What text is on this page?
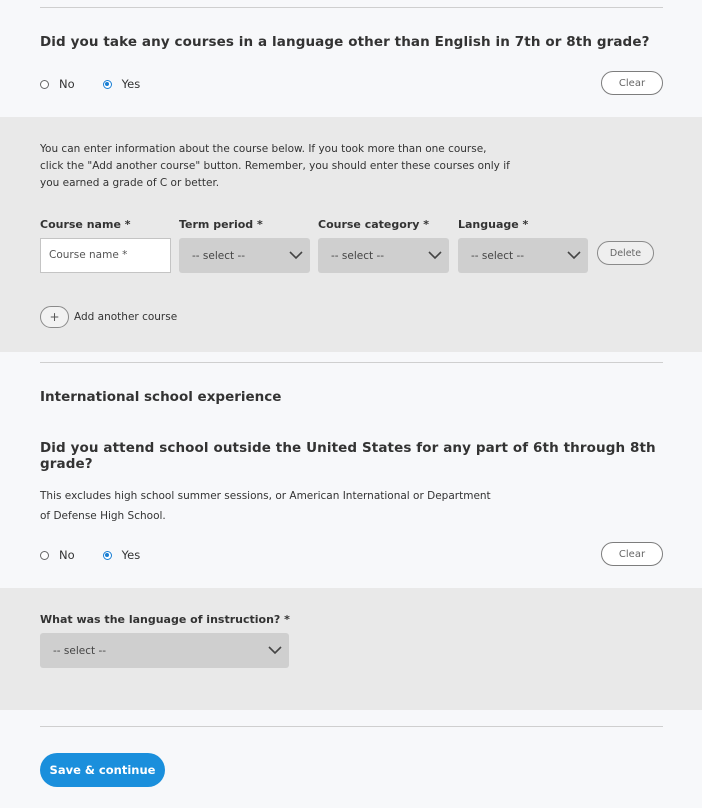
Did you take any courses in a language other than English in 7th or 8th grade?
No	Yes	Clear
You can enter information about the course below. If you took more than one course, click the "Add another course" button. Remember, you should enter these courses only if you earned a grade of C or better.
Course name *	Term period *	Course category *	Language *
Course name *	-- select --	-- select --	-- select --	Delete
+	Add another course
International school experience
Did you attend school outside the United States for any part of 6th through 8th grade?
This excludes high school summer sessions, or American International or Department of Defense High School.
No	Yes	Clear
What was the language of instruction? *
-- select --
Save & continue
